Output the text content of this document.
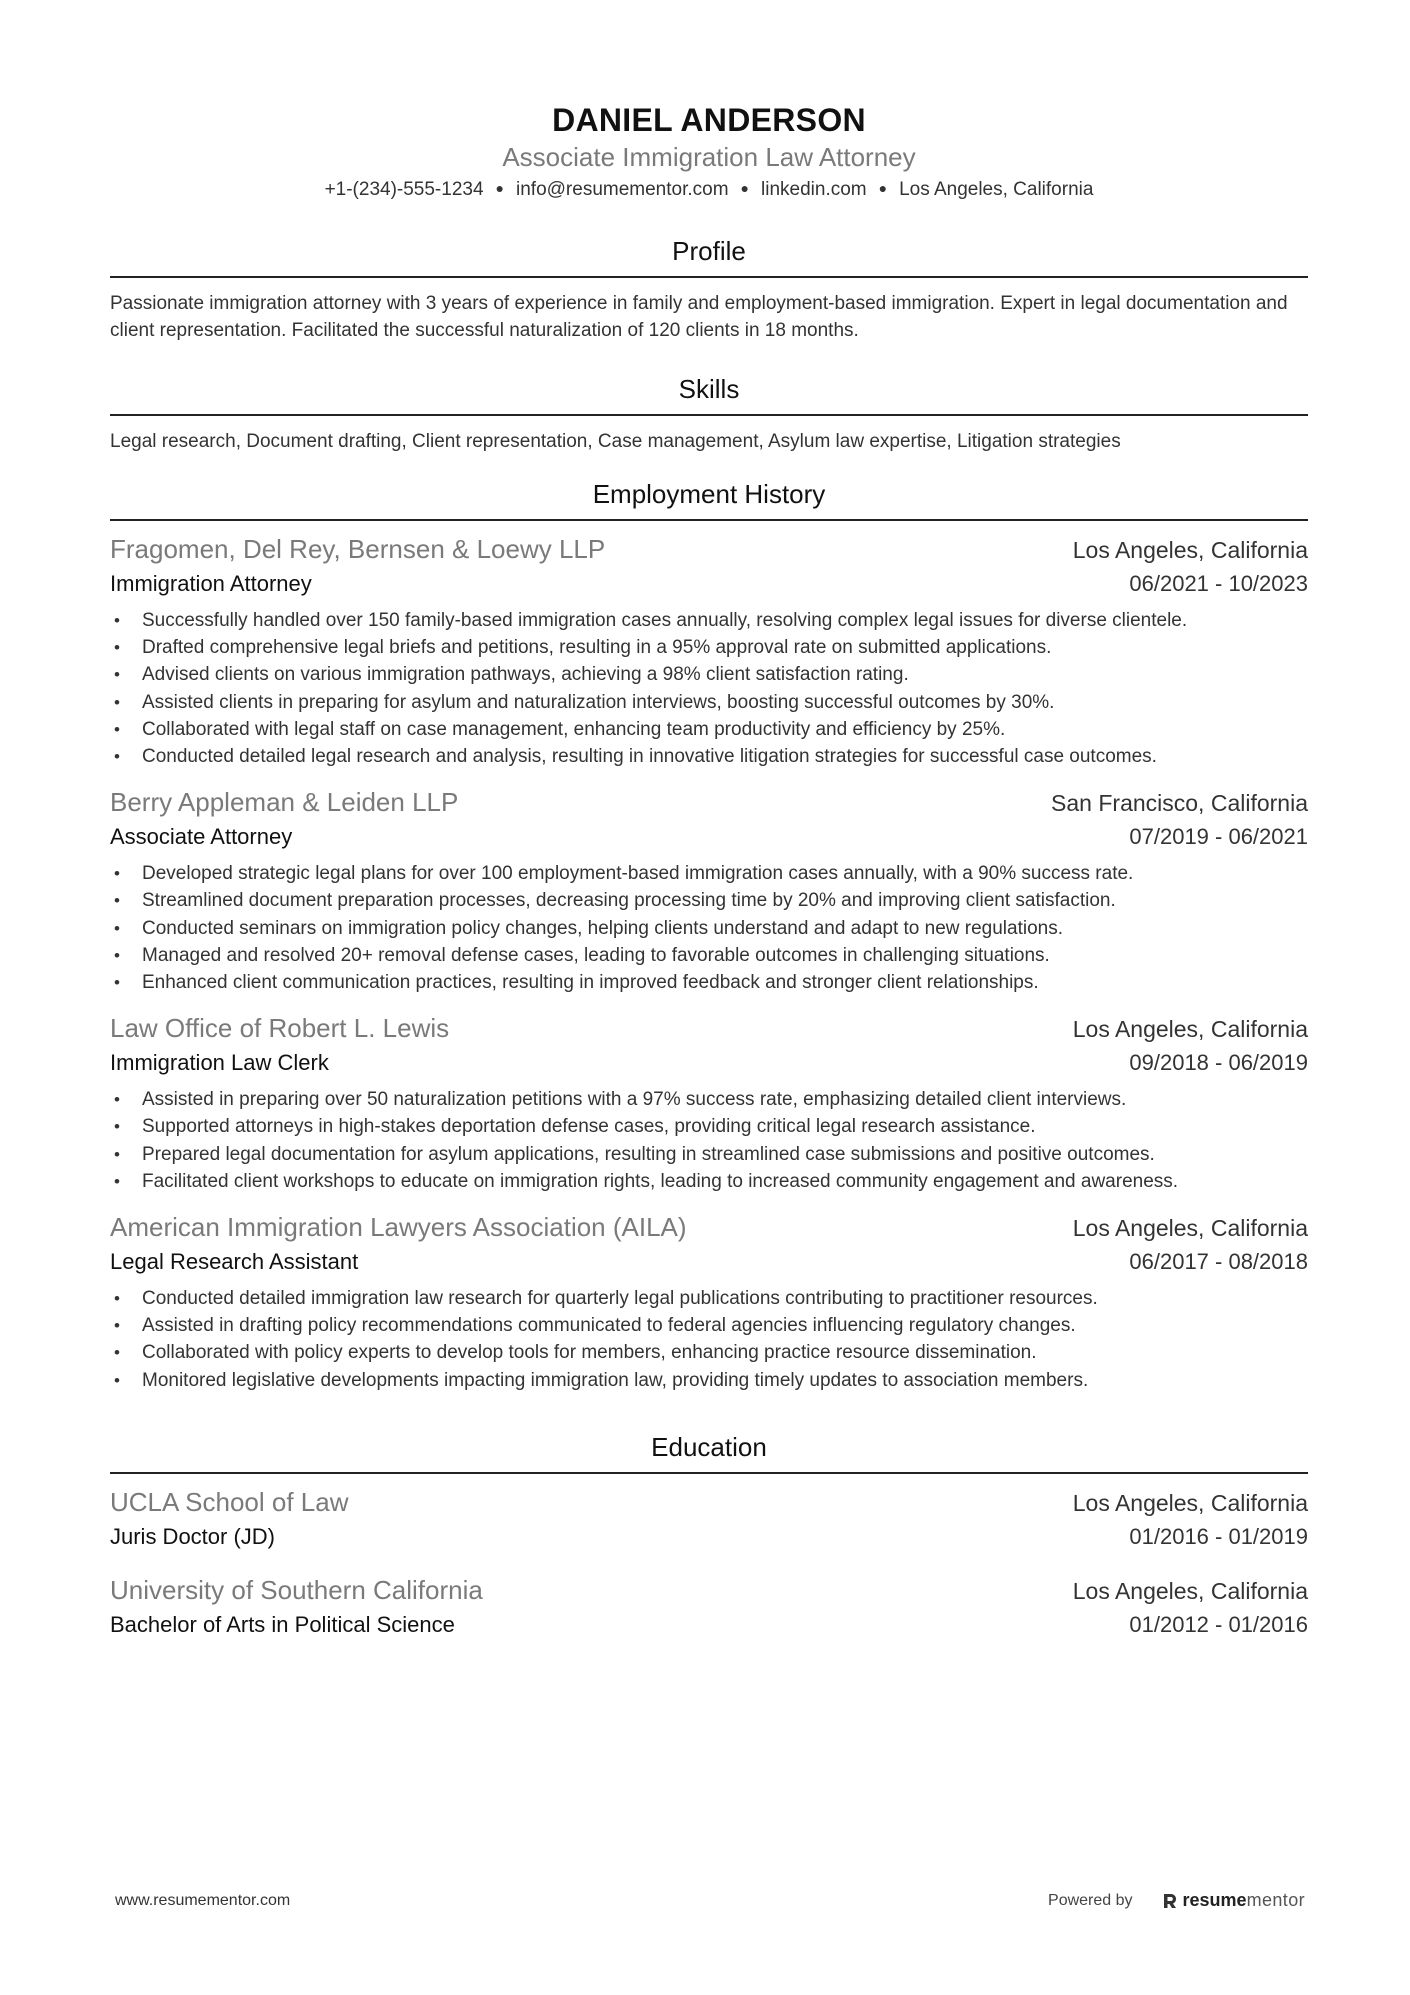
DANIEL ANDERSON
Associate Immigration Law Attorney
+1-(234)-555-1234 ● info@resumementor.com ● linkedin.com ● Los Angeles, California
Profile
Passionate immigration attorney with 3 years of experience in family and employment-based immigration. Expert in legal documentation and client representation. Facilitated the successful naturalization of 120 clients in 18 months.
Skills
Legal research, Document drafting, Client representation, Case management, Asylum law expertise, Litigation strategies
Employment History
Fragomen, Del Rey, Bernsen & Loewy LLP	Los Angeles, California
Immigration Attorney	06/2021 - 10/2023
• Successfully handled over 150 family-based immigration cases annually, resolving complex legal issues for diverse clientele.
• Drafted comprehensive legal briefs and petitions, resulting in a 95% approval rate on submitted applications.
• Advised clients on various immigration pathways, achieving a 98% client satisfaction rating.
• Assisted clients in preparing for asylum and naturalization interviews, boosting successful outcomes by 30%.
• Collaborated with legal staff on case management, enhancing team productivity and efficiency by 25%.
• Conducted detailed legal research and analysis, resulting in innovative litigation strategies for successful case outcomes.
Berry Appleman & Leiden LLP	San Francisco, California
Associate Attorney	07/2019 - 06/2021
• Developed strategic legal plans for over 100 employment-based immigration cases annually, with a 90% success rate.
• Streamlined document preparation processes, decreasing processing time by 20% and improving client satisfaction.
• Conducted seminars on immigration policy changes, helping clients understand and adapt to new regulations.
• Managed and resolved 20+ removal defense cases, leading to favorable outcomes in challenging situations.
• Enhanced client communication practices, resulting in improved feedback and stronger client relationships.
Law Office of Robert L. Lewis	Los Angeles, California
Immigration Law Clerk	09/2018 - 06/2019
• Assisted in preparing over 50 naturalization petitions with a 97% success rate, emphasizing detailed client interviews.
• Supported attorneys in high-stakes deportation defense cases, providing critical legal research assistance.
• Prepared legal documentation for asylum applications, resulting in streamlined case submissions and positive outcomes.
• Facilitated client workshops to educate on immigration rights, leading to increased community engagement and awareness.
American Immigration Lawyers Association (AILA)	Los Angeles, California
Legal Research Assistant	06/2017 - 08/2018
• Conducted detailed immigration law research for quarterly legal publications contributing to practitioner resources.
• Assisted in drafting policy recommendations communicated to federal agencies influencing regulatory changes.
• Collaborated with policy experts to develop tools for members, enhancing practice resource dissemination.
• Monitored legislative developments impacting immigration law, providing timely updates to association members.
Education
UCLA School of Law	Los Angeles, California
Juris Doctor (JD)	01/2016 - 01/2019
University of Southern California	Los Angeles, California
Bachelor of Arts in Political Science	01/2012 - 01/2016
www.resumementor.com	Powered by	resume mentor
